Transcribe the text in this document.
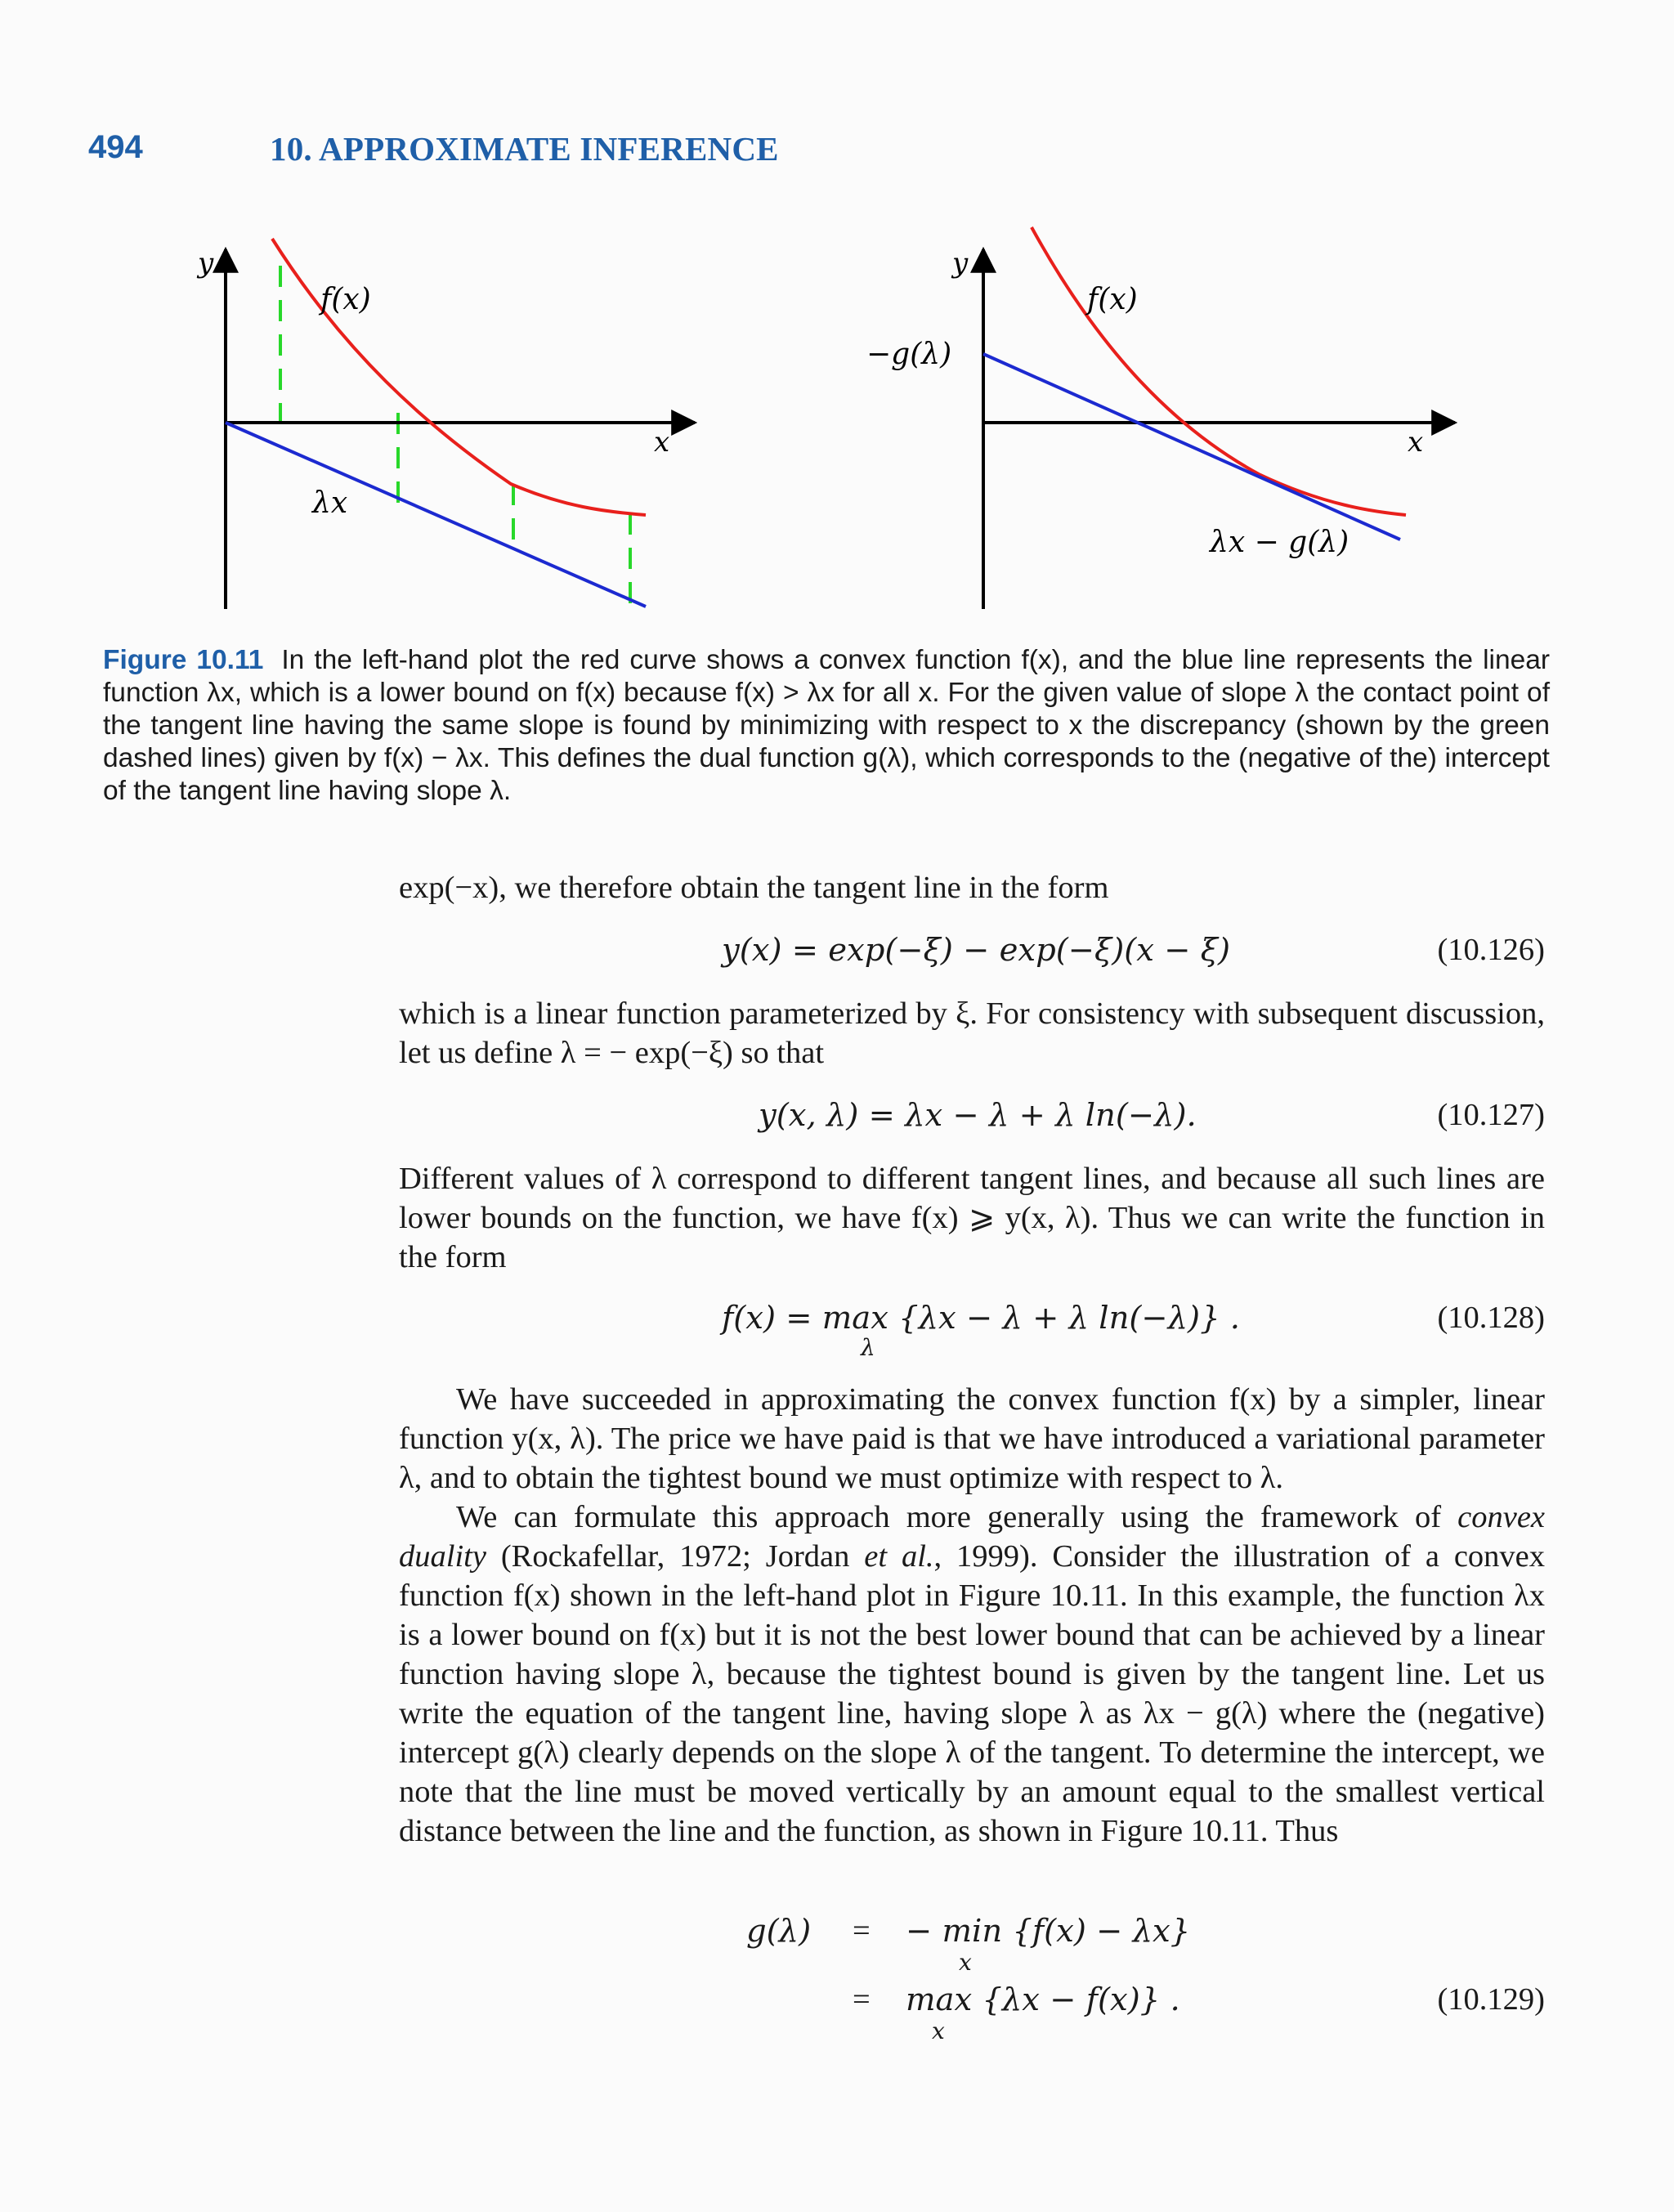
494	10. APPROXIMATE INFERENCE
y
x
f(x)
λx
y
x
f(x)
−g(λ)
λx − g(λ)
Figure 10.11 In the left-hand plot the red curve shows a convex function f(x), and the blue line represents the linear function λx, which is a lower bound on f(x) because f(x) > λx for all x. For the given value of slope λ the contact point of the tangent line having the same slope is found by minimizing with respect to x the discrepancy (shown by the green dashed lines) given by f(x) − λx. This defines the dual function g(λ), which corresponds to the (negative of the) intercept of the tangent line having slope λ.
exp(−x), we therefore obtain the tangent line in the form
y(x) = exp(−ξ) − exp(−ξ)(x − ξ)	(10.126)
which is a linear function parameterized by ξ. For consistency with subsequent discussion, let us define λ = − exp(−ξ) so that
y(x, λ) = λx − λ + λ ln(−λ).	(10.127)
Different values of λ correspond to different tangent lines, and because all such lines are lower bounds on the function, we have f(x) ⩾ y(x, λ). Thus we can write the function in the form
f(x) = max {λx − λ + λ ln(−λ)} .
λ
(10.128)
We have succeeded in approximating the convex function f(x) by a simpler, linear function y(x, λ). The price we have paid is that we have introduced a variational parameter λ, and to obtain the tightest bound we must optimize with respect to λ.
We can formulate this approach more generally using the framework of convex duality (Rockafellar, 1972; Jordan et al., 1999). Consider the illustration of a convex function f(x) shown in the left-hand plot in Figure 10.11. In this example, the function λx is a lower bound on f(x) but it is not the best lower bound that can be achieved by a linear function having slope λ, because the tightest bound is given by the tangent line. Let us write the equation of the tangent line, having slope λ as λx − g(λ) where the (negative) intercept g(λ) clearly depends on the slope λ of the tangent. To determine the intercept, we note that the line must be moved vertically by an amount equal to the smallest vertical distance between the line and the function, as shown in Figure 10.11. Thus
g(λ) = − min {f(x) − λx}
x
= max {λx − f(x)} .
x
(10.129)
